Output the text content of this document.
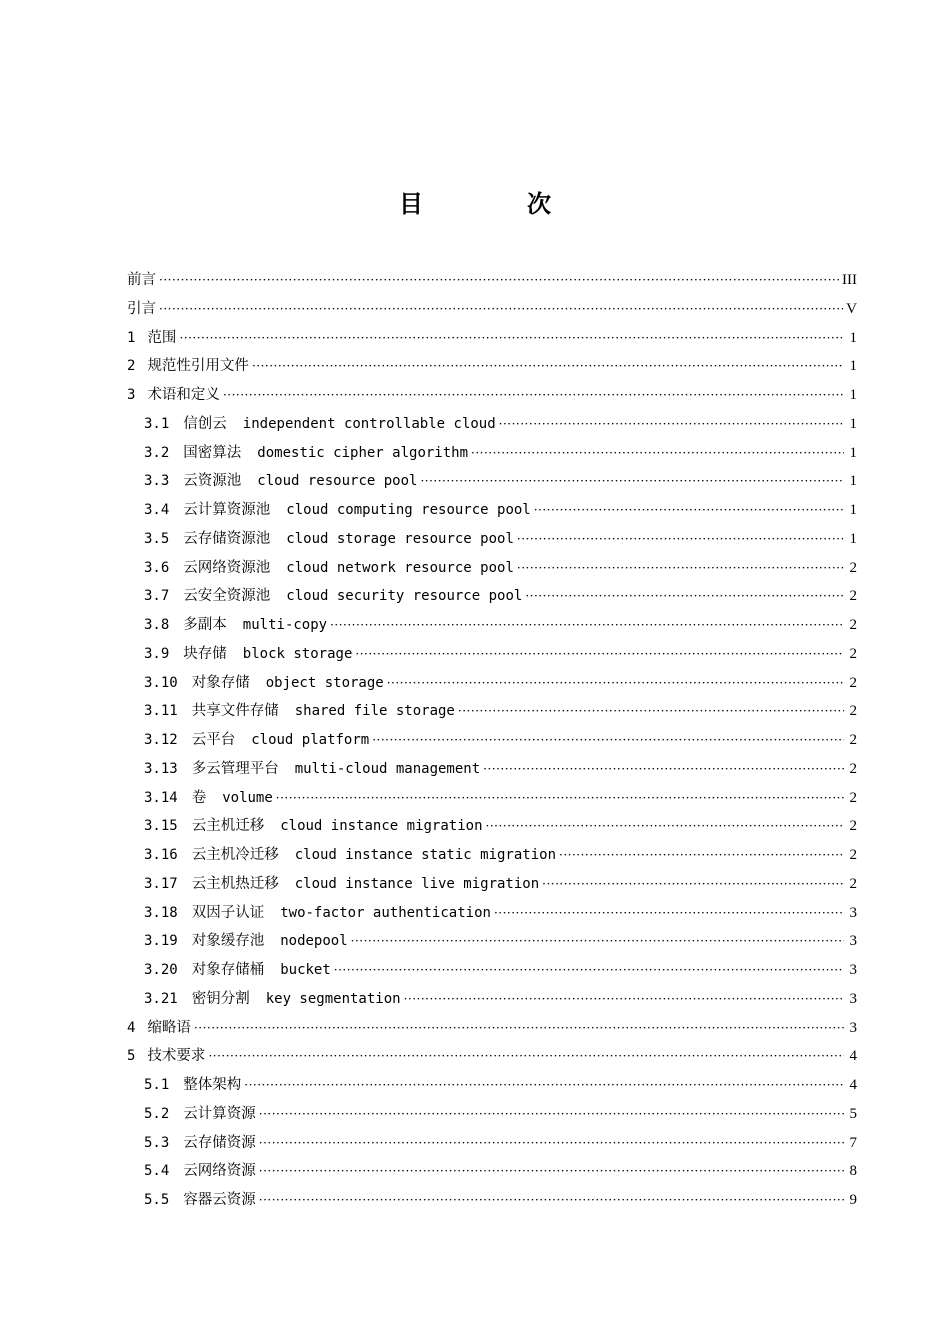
目　次
前言 ·····	III
引言 ·····	V
1 范围 ·····	1
2 规范性引用文件 ·····	1
3 术语和定义 ·····	1
3.1 信创云 independent controllable cloud ·····	1
3.2 国密算法 domestic cipher algorithm ·····	1
3.3 云资源池 cloud resource pool ·····	1
3.4 云计算资源池 cloud computing resource pool ·····	1
3.5 云存储资源池 cloud storage resource pool ·····	1
3.6 云网络资源池 cloud network resource pool ·····	2
3.7 云安全资源池 cloud security resource pool ·····	2
3.8 多副本 multi-copy ·····	2
3.9 块存储 block storage ·····	2
3.10 对象存储 object storage ·····	2
3.11 共享文件存储 shared file storage ·····	2
3.12 云平台 cloud platform ·····	2
3.13 多云管理平台 multi-cloud management ·····	2
3.14 卷 volume ·····	2
3.15 云主机迁移 cloud instance migration ·····	2
3.16 云主机冷迁移 cloud instance static migration ·····	2
3.17 云主机热迁移 cloud instance live migration ·····	2
3.18 双因子认证 two-factor authentication ·····	3
3.19 对象缓存池 nodepool ·····	3
3.20 对象存储桶 bucket ·····	3
3.21 密钥分割 key segmentation ·····	3
4 缩略语 ·····	3
5 技术要求 ·····	4
5.1 整体架构 ·····	4
5.2 云计算资源 ·····	5
5.3 云存储资源 ·····	7
5.4 云网络资源 ·····	8
5.5 容器云资源 ·····	9
